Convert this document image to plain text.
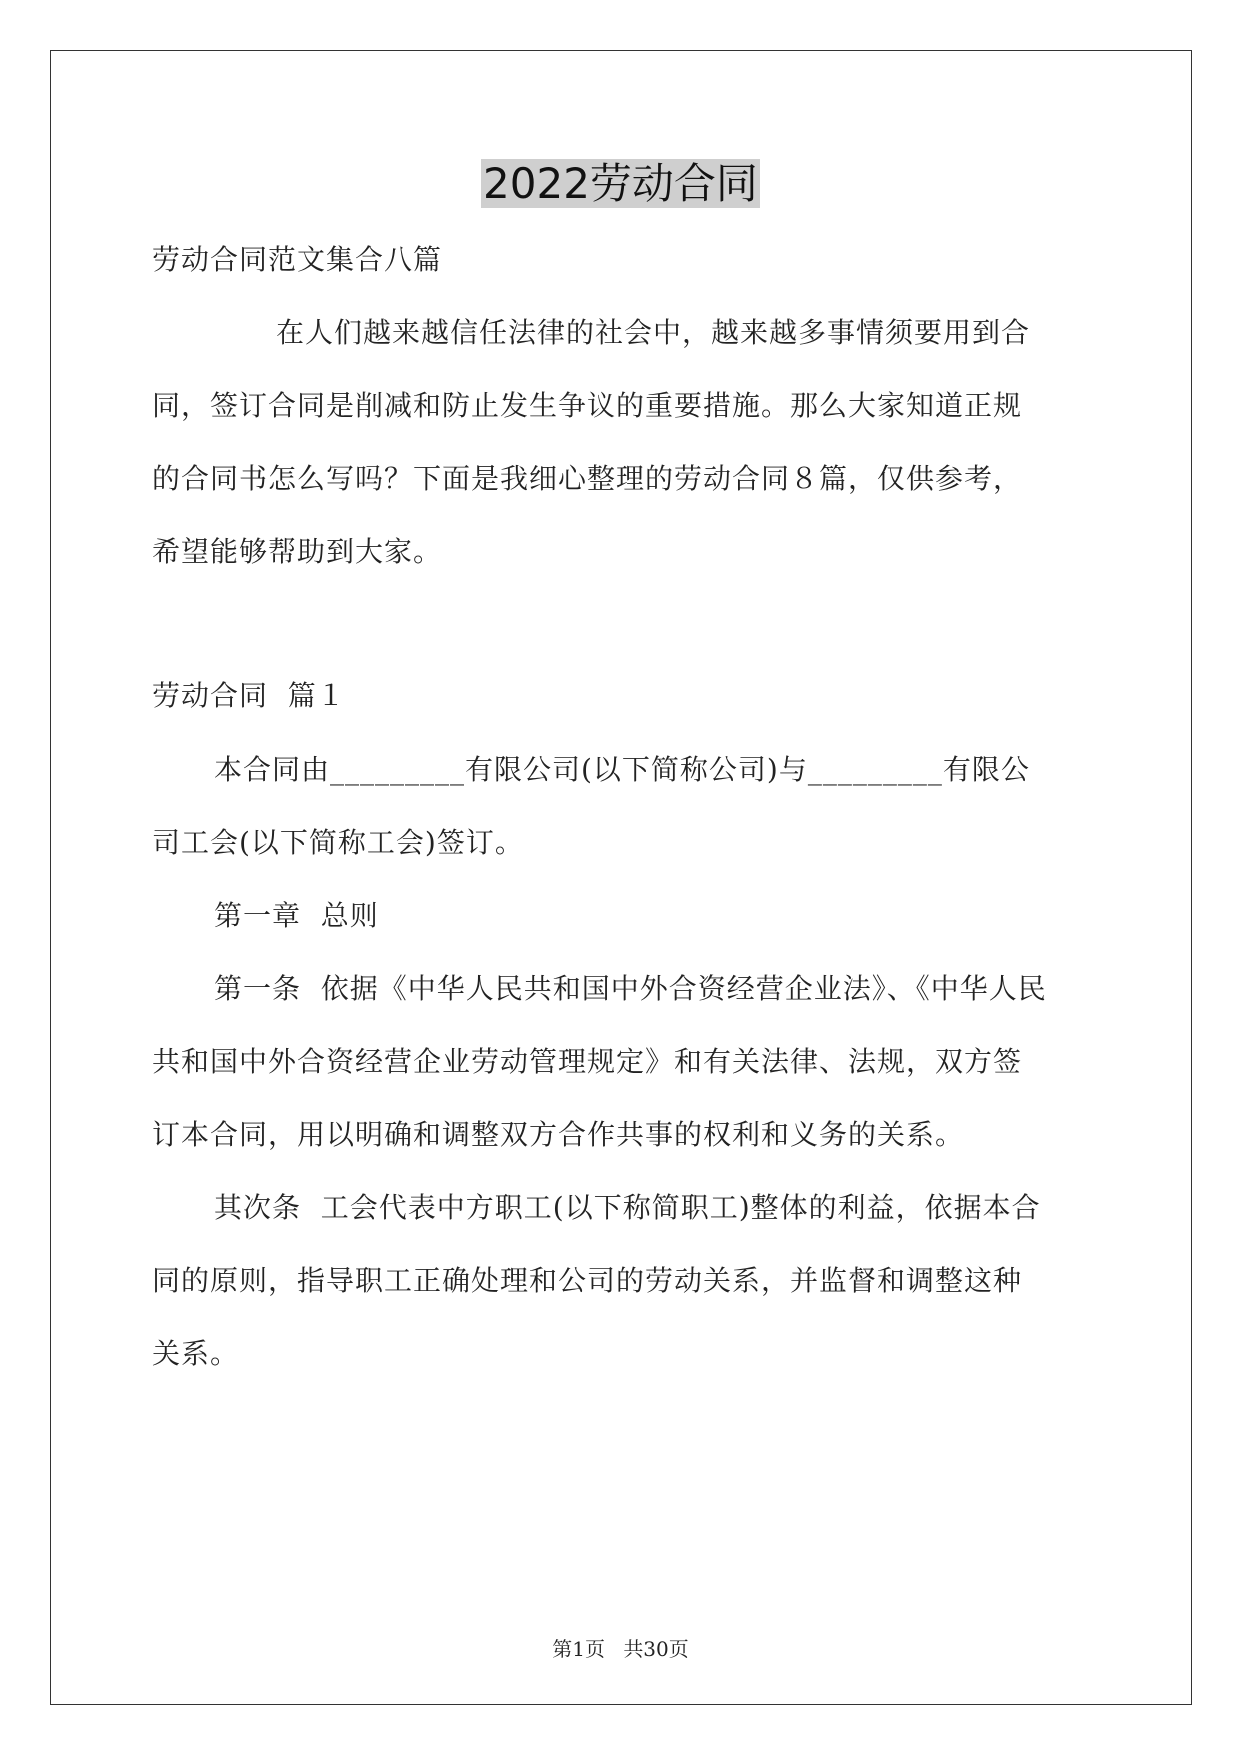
2022劳动合同
劳动合同范文集合八篇
在人们越来越信任法律的社会中，越来越多事情须要用到合
同，签订合同是削减和防止发生争议的重要措施。那么大家知道正规
的合同书怎么写吗？下面是我细心整理的劳动合同８篇，仅供参考，
希望能够帮助到大家。
劳动合同  篇１
本合同由_________有限公司(以下简称公司)与_________有限公
司工会(以下简称工会)签订。
第一章  总则
第一条  依据《中华人民共和国中外合资经营企业法》、《中华人民
共和国中外合资经营企业劳动管理规定》和有关法律、法规，双方签
订本合同，用以明确和调整双方合作共事的权利和义务的关系。
其次条  工会代表中方职工(以下称简职工)整体的利益，依据本合
同的原则，指导职工正确处理和公司的劳动关系，并监督和调整这种
关系。
第1页 共30页
